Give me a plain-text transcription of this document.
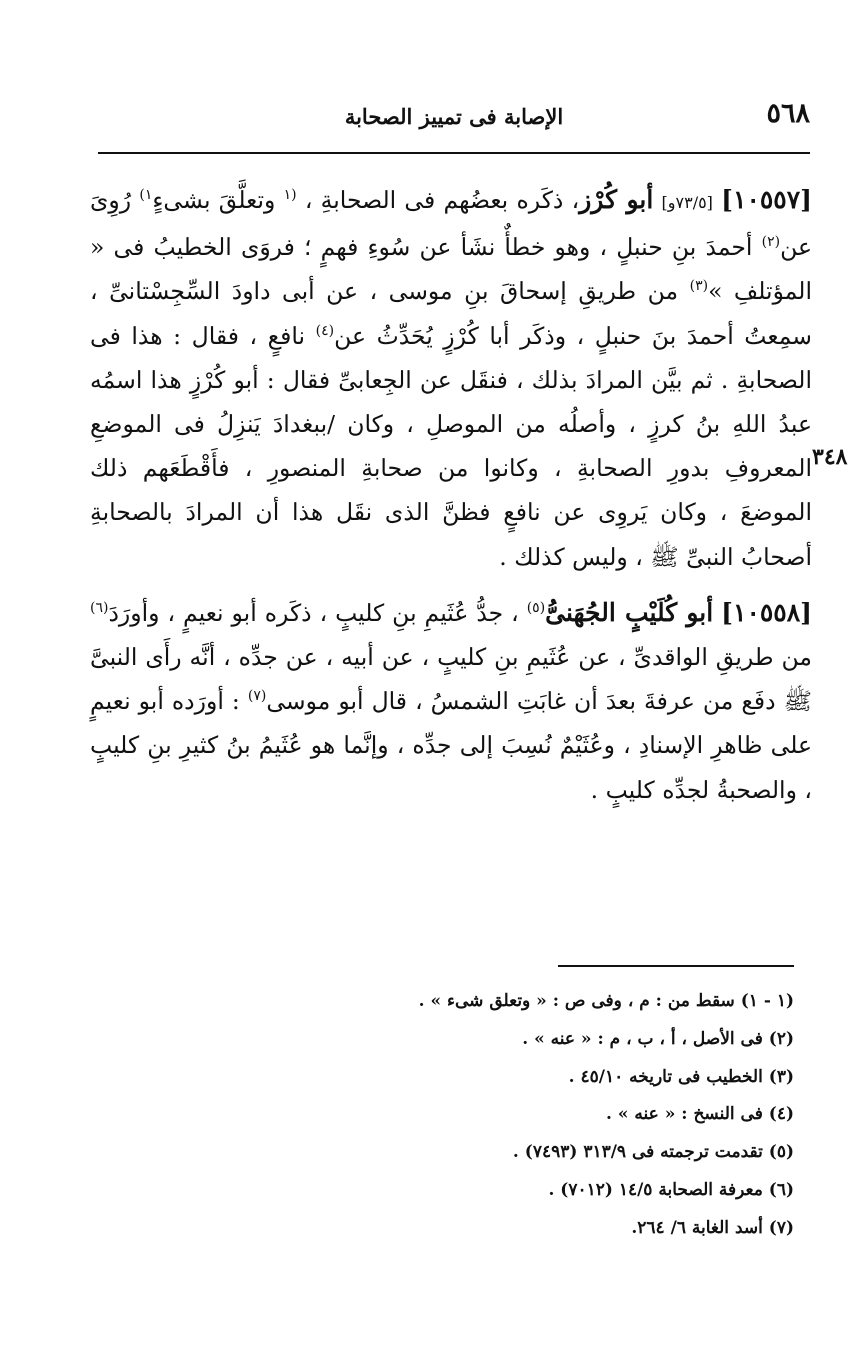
٥٦٨
الإصابة فى تمييز الصحابة
٣٤٨

[١٠٥٥٧] [٧٣/٥و] أبو كُرْز، ذكَره بعضُهم فى الصحابةِ ، $^{(١}$ وتعلَّقَ بشىءٍ$^{١)}$ رُوِىَ عن$^{(٢)}$ أحمدَ بنِ حنبلٍ ، وهو خطأٌ نشَأ عن سُوءِ فهمٍ ؛ فروَى الخطيبُ فى « المؤتلفِ »$^{(٣)}$ من طريقِ إسحاقَ بنِ موسى ، عن أبى داودَ السِّجِسْتانىِّ ، سمِعتُ أحمدَ بنَ حنبلٍ ، وذكَر أبا كُرْزٍ يُحَدِّثُ عن$^{(٤)}$ نافعٍ ، فقال : هذا فى الصحابةِ . ثم بيَّن المرادَ بذلك ، فنقَل عن الجِعابىِّ فقال : أبو كُرْزٍ هذا اسمُه عبدُ اللهِ بنُ كرزٍ ، وأصلُه من الموصلِ ، وكان /ببغدادَ يَنزِلُ فى الموضعِ المعروفِ بدورِ الصحابةِ ، وكانوا من صحابةِ المنصورِ ، فأَقْطَعَهم ذلك الموضعَ ، وكان يَروِى عن نافعٍ فظنَّ الذى نقَل هذا أن المرادَ بالصحابةِ أصحابُ النبىِّ ﷺ ، وليس كذلك .

[١٠٥٥٨] أبو كُلَيْبٍ الجُهَنىُّ$^{(٥)}$ ، جدُّ عُثَيمِ بنِ كليبٍ ، ذكَره أبو نعيمٍ ، وأورَدَ$^{(٦)}$ من طريقِ الواقدىِّ ، عن عُثَيمِ بنِ كليبٍ ، عن أبيه ، عن جدِّه ، أنَّه رأَى النبىَّ ﷺ دفَع من عرفةَ بعدَ أن غابَتِ الشمسُ ، قال أبو موسى$^{(٧)}$ : أورَده أبو نعيمٍ على ظاهرِ الإسنادِ ، وعُثَيْمٌ نُسِبَ إلى جدِّه ، وإنَّما هو عُثَيمُ بنُ كثيرِ بنِ كليبٍ ، والصحبةُ لجدِّه كليبٍ .

(١ - ١) سقط من : م ، وفى ص : « وتعلق شىء » .
(٢) فى الأصل ، أ ، ب ، م : « عنه » .
(٣) الخطيب فى تاريخه ٤٥/١٠ .
(٤) فى النسخ : « عنه » .
(٥) تقدمت ترجمته فى ٣١٣/٩ (٧٤٩٣) .
(٦) معرفة الصحابة ١٤/٥ (٧٠١٢) .
(٧) أسد الغابة ٦/ ٢٦٤.
